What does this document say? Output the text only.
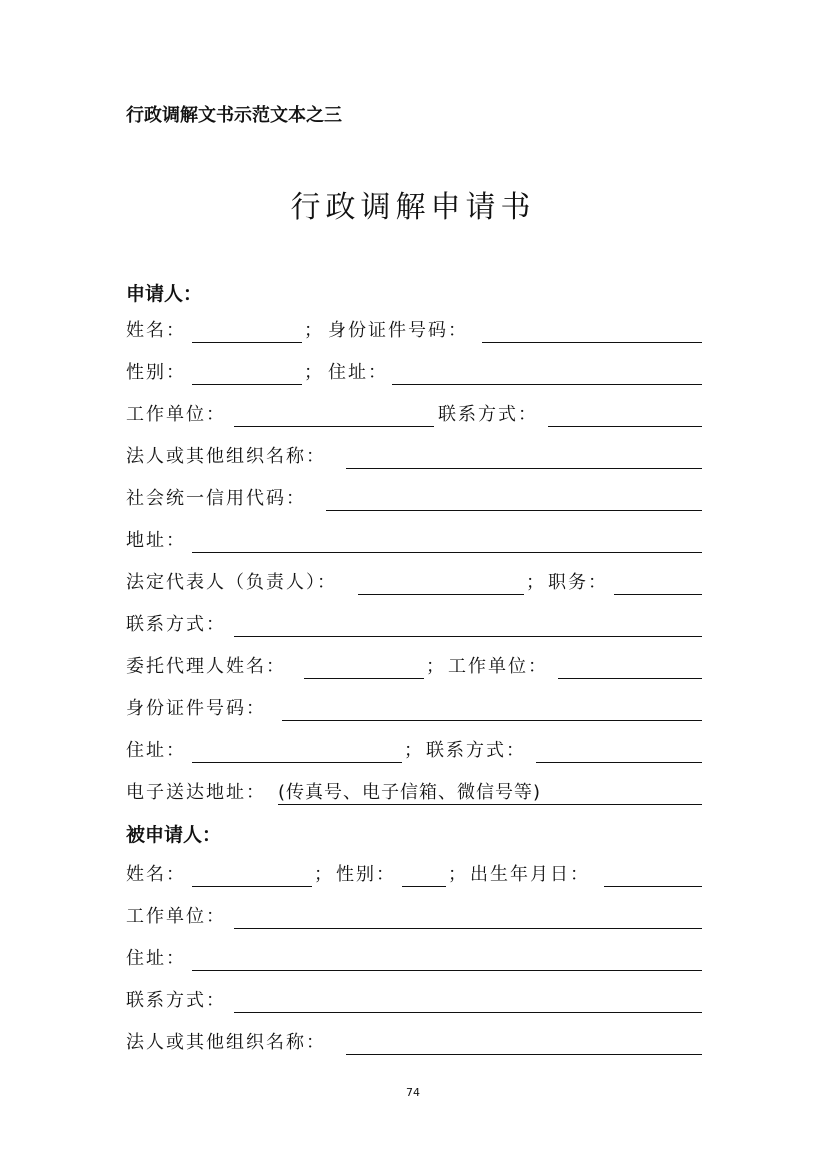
行政调解文书示范文本之三
行政调解申请书
申请人：
姓名：	； 身份证件号码：
性别：	； 住址：
工作单位：	联系方式：
法人或其他组织名称：
社会统一信用代码：
地址：
法定代表人（负责人）：	； 职务：
联系方式：
委托代理人姓名：	； 工作单位：
身份证件号码：
住址：	； 联系方式：
电子送达地址： (传真号、电子信箱、微信号等)
被申请人：
姓名：	； 性别：	； 出生年月日：
工作单位：
住址：
联系方式：
法人或其他组织名称：
74
